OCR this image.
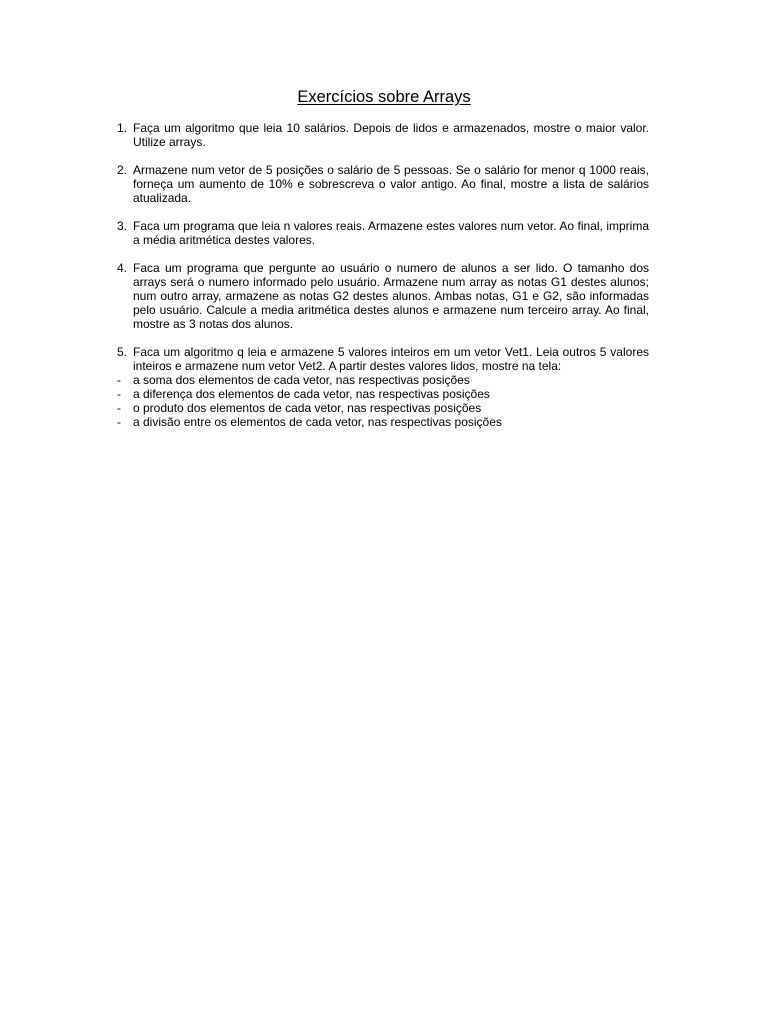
Exercícios sobre Arrays
1. Faça um algoritmo que leia 10 salários. Depois de lidos e armazenados, mostre o maior valor. Utilize arrays.
2. Armazene num vetor de 5 posições o salário de 5 pessoas. Se o salário for menor q 1000 reais, forneça um aumento de 10% e sobrescreva o valor antigo. Ao final, mostre a lista de salários atualizada.
3. Faca um programa que leia n valores reais. Armazene estes valores num vetor. Ao final, imprima a média aritmética destes valores.
4. Faca um programa que pergunte ao usuário o numero de alunos a ser lido. O tamanho dos arrays será o numero informado pelo usuário. Armazene num array as notas G1 destes alunos; num outro array, armazene as notas G2 destes alunos. Ambas notas, G1 e G2, são informadas pelo usuário. Calcule a media aritmética destes alunos e armazene num terceiro array. Ao final, mostre as 3 notas dos alunos.
5. Faca um algoritmo q leia e armazene 5 valores inteiros em um vetor Vet1. Leia outros 5 valores inteiros e armazene num vetor Vet2. A partir destes valores lidos, mostre na tela:
- a soma dos elementos de cada vetor, nas respectivas posições
- a diferença dos elementos de cada vetor, nas respectivas posições
- o produto dos elementos de cada vetor, nas respectivas posições
- a divisão entre os elementos de cada vetor, nas respectivas posições
